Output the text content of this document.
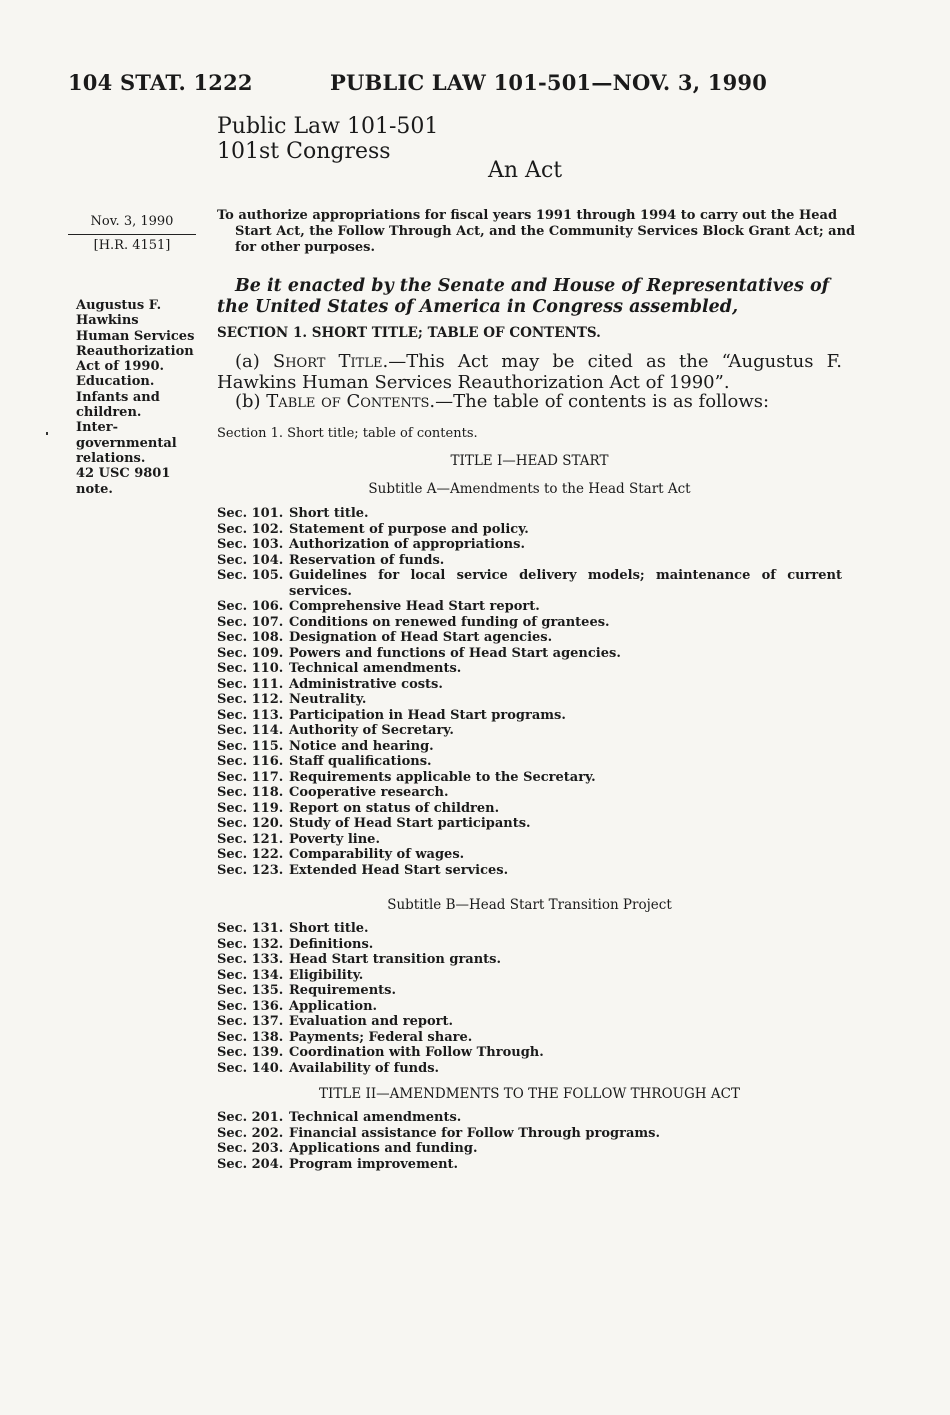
104 STAT. 1222	PUBLIC LAW 101-501—NOV. 3, 1990
Public Law 101-501
101st Congress
An Act
Nov. 3, 1990
[H.R. 4151]
Augustus F.
Hawkins
Human Services
Reauthorization
Act of 1990.
Education.
Infants and
children.
Inter-
governmental
relations.
42 USC 9801
note.
To authorize appropriations for fiscal years 1991 through 1994 to carry out the Head Start Act, the Follow Through Act, and the Community Services Block Grant Act; and for other purposes.
Be it enacted by the Senate and House of Representatives of the United States of America in Congress assembled,
SECTION 1. SHORT TITLE; TABLE OF CONTENTS.
(a) Short Title.—This Act may be cited as the “Augustus F. Hawkins Human Services Reauthorization Act of 1990”.
(b) Table of Contents.—The table of contents is as follows:
Section 1. Short title; table of contents.
TITLE I—HEAD START
Subtitle A—Amendments to the Head Start Act
Sec. 101. Short title.
Sec. 102. Statement of purpose and policy.
Sec. 103. Authorization of appropriations.
Sec. 104. Reservation of funds.
Sec. 105. Guidelines for local service delivery models; maintenance of current services.
Sec. 106. Comprehensive Head Start report.
Sec. 107. Conditions on renewed funding of grantees.
Sec. 108. Designation of Head Start agencies.
Sec. 109. Powers and functions of Head Start agencies.
Sec. 110. Technical amendments.
Sec. 111. Administrative costs.
Sec. 112. Neutrality.
Sec. 113. Participation in Head Start programs.
Sec. 114. Authority of Secretary.
Sec. 115. Notice and hearing.
Sec. 116. Staff qualifications.
Sec. 117. Requirements applicable to the Secretary.
Sec. 118. Cooperative research.
Sec. 119. Report on status of children.
Sec. 120. Study of Head Start participants.
Sec. 121. Poverty line.
Sec. 122. Comparability of wages.
Sec. 123. Extended Head Start services.
Subtitle B—Head Start Transition Project
Sec. 131. Short title.
Sec. 132. Definitions.
Sec. 133. Head Start transition grants.
Sec. 134. Eligibility.
Sec. 135. Requirements.
Sec. 136. Application.
Sec. 137. Evaluation and report.
Sec. 138. Payments; Federal share.
Sec. 139. Coordination with Follow Through.
Sec. 140. Availability of funds.
TITLE II—AMENDMENTS TO THE FOLLOW THROUGH ACT
Sec. 201. Technical amendments.
Sec. 202. Financial assistance for Follow Through programs.
Sec. 203. Applications and funding.
Sec. 204. Program improvement.
